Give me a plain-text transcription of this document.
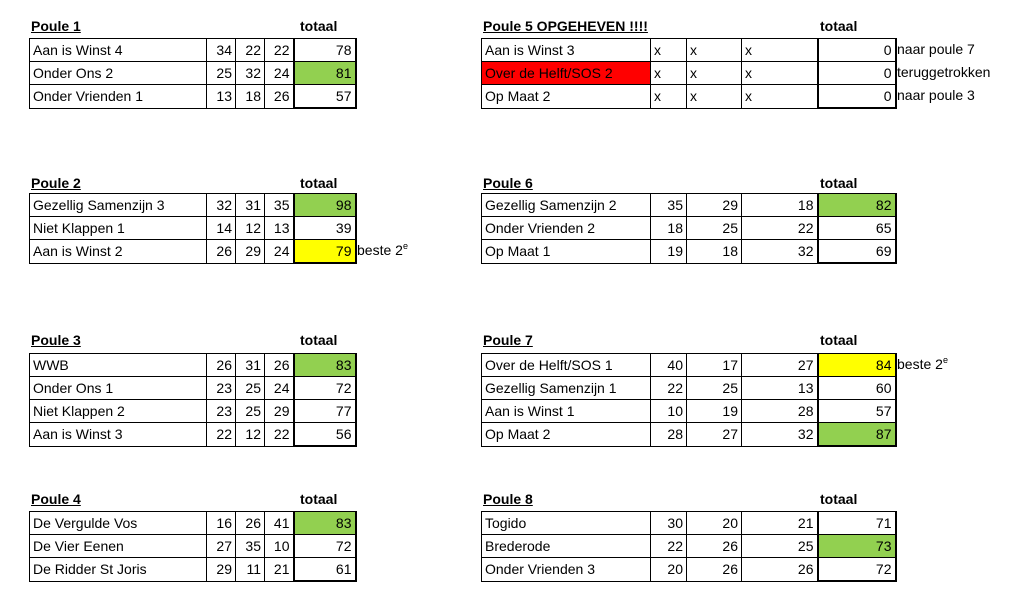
Poule 1	totaal
Aan is Winst 4	34	22	22	78
Onder Ons 2	25	32	24	81
Onder Vrienden 1	13	18	26	57
Poule 2	totaal
beste 2e
Gezellig Samenzijn 3	32	31	35	98
Niet Klappen 1	14	12	13	39
Aan is Winst 2	26	29	24	79
Poule 3	totaal
WWB	26	31	26	83
Onder Ons 1	23	25	24	72
Niet Klappen 2	23	25	29	77
Aan is Winst 3	22	12	22	56
Poule 4	totaal
De Vergulde Vos	16	26	41	83
De Vier Eenen	27	35	10	72
De Ridder St Joris	29	11	21	61
Poule 5 OPGEHEVEN !!!!	totaal
naar poule 7
teruggetrokken
naar poule 3
Aan is Winst 3	x	x	x	0
Over de Helft/SOS 2	x	x	x	0
Op Maat 2	x	x	x	0
Poule 6	totaal
Gezellig Samenzijn 2	35	29	18	82
Onder Vrienden 2	18	25	22	65
Op Maat 1	19	18	32	69
Poule 7	totaal
beste 2e
Over de Helft/SOS 1	40	17	27	84
Gezellig Samenzijn 1	22	25	13	60
Aan is Winst 1	10	19	28	57
Op Maat 2	28	27	32	87
Poule 8	totaal
Togido	30	20	21	71
Brederode	22	26	25	73
Onder Vrienden 3	20	26	26	72
